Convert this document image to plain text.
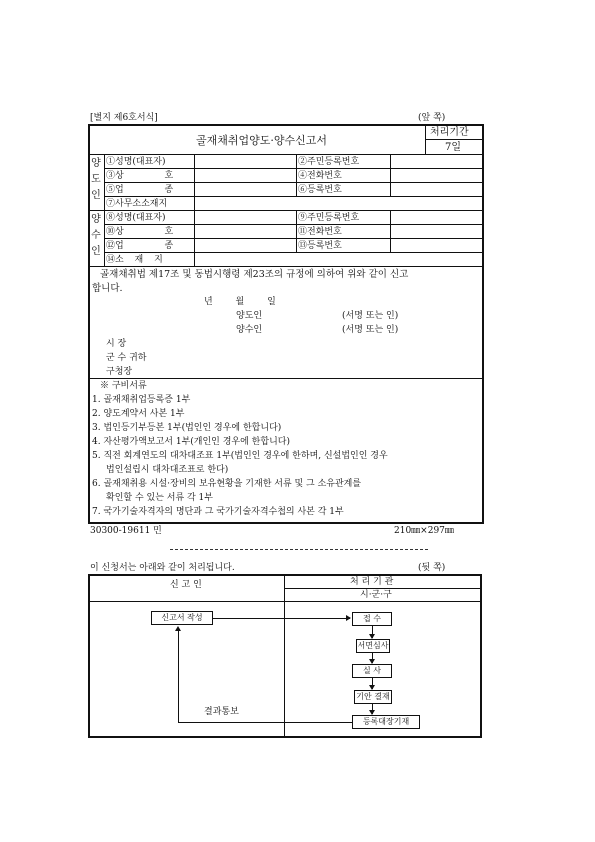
[별지 제6호서식]	(앞 쪽)
골재채취업양도·양수신고서
처리기간
7일
양도인
①성명(대표자)	②주민등록번호
③상 호	④전화번호
⑤업 종	⑥등록번호
⑦사무소소재지
양수인
⑧성명(대표자)	⑨주민등록번호
⑩상 호	⑪전화번호
⑫업 종	⑬등록번호
⑭소 재 지
골재채취법 제17조 및 동법시행령 제23조의 규정에 의하여 위와 같이 신고
합니다.
년 월 일
양도인	(서명 또는 인)
양수인	(서명 또는 인)
시 장
군 수 귀하
구청장
※ 구비서류
1. 골재채취업등록증 1부
2. 양도계약서 사본 1부
3. 법인등기부등본 1부(법인인 경우에 한합니다)
4. 자산평가액보고서 1부(개인인 경우에 한합니다)
5. 직전 회계연도의 대차대조표 1부(법인인 경우에 한하며, 신설법인인 경우
법인설립시 대차대조표로 한다)
6. 골재채취용 시설·장비의 보유현황을 기재한 서류 및 그 소유관계를
확인할 수 있는 서류 각 1부
7. 국가기술자격자의 명단과 그 국가기술자격수첩의 사본 각 1부
30300-19611 민	210㎜×297㎜
이 신청서는 아래와 같이 처리됩니다.	(뒷 쪽)
신 고 인	처 리 기 관
시·군·구
신고서 작성	접 수
서면심사
실 사
기안 결재
등록대장기재
결과통보
